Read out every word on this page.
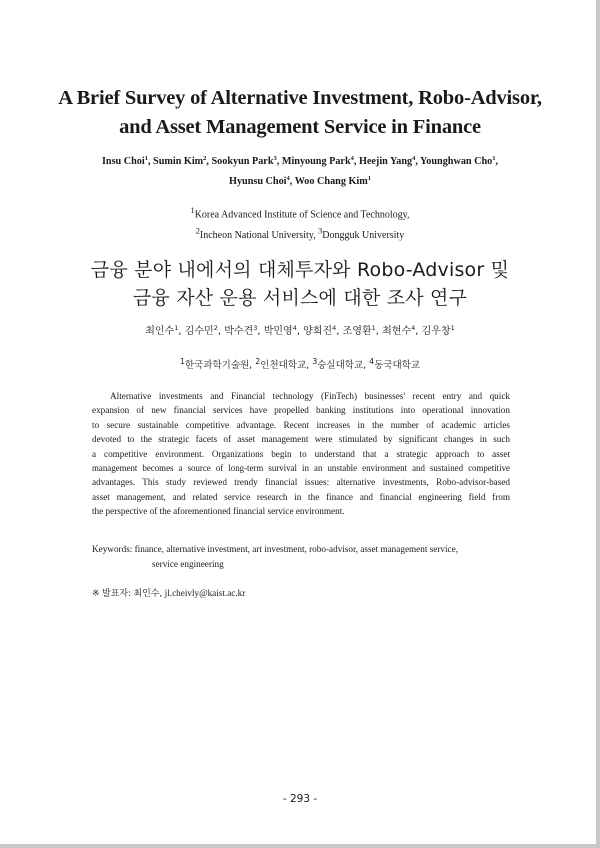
A Brief Survey of Alternative Investment, Robo-Advisor,
and Asset Management Service in Finance
Insu Choi$^1$, Sumin Kim$^2$, Sookyun Park$^3$, Minyoung Park$^4$, Heejin Yang$^4$, Younghwan Cho$^1$,
Hyunsu Choi$^4$, Woo Chang Kim$^1$
$^1$Korea Advanced Institute of Science and Technology,
$^2$Incheon National University, $^3$Dongguk University
금융 분야 내에서의 대체투자와 Robo-Advisor 및
금융 자산 운용 서비스에 대한 조사 연구
최인수$^1$, 김수민$^2$, 박수견$^3$, 박민영$^4$, 양희진$^4$, 조영환$^1$, 최현수$^4$, 김우창$^1$
$^1$한국과학기술원, $^2$인천대학교, $^3$숭실대학교, $^4$동국대학교
Alternative investments and Financial technology (FinTech) businesses' recent entry and quick
expansion of new financial services have propelled banking institutions into operational innovation
to secure sustainable competitive advantage. Recent increases in the number of academic articles
devoted to the strategic facets of asset management were stimulated by significant changes in such
a competitive environment. Organizations begin to understand that a strategic approach to asset
management becomes a source of long-term survival in an unstable environment and sustained competitive
advantages. This study reviewed trendy financial issues: alternative investments, Robo-advisor-based
asset management, and related service research in the finance and financial engineering field from
the perspective of the aforementioned financial service environment.
Keywords: finance, alternative investment, art investment, robo-advisor, asset management service,
service engineering
※ 발표자: 최인수, jl.cheivly@kaist.ac.kr
- 293 -
